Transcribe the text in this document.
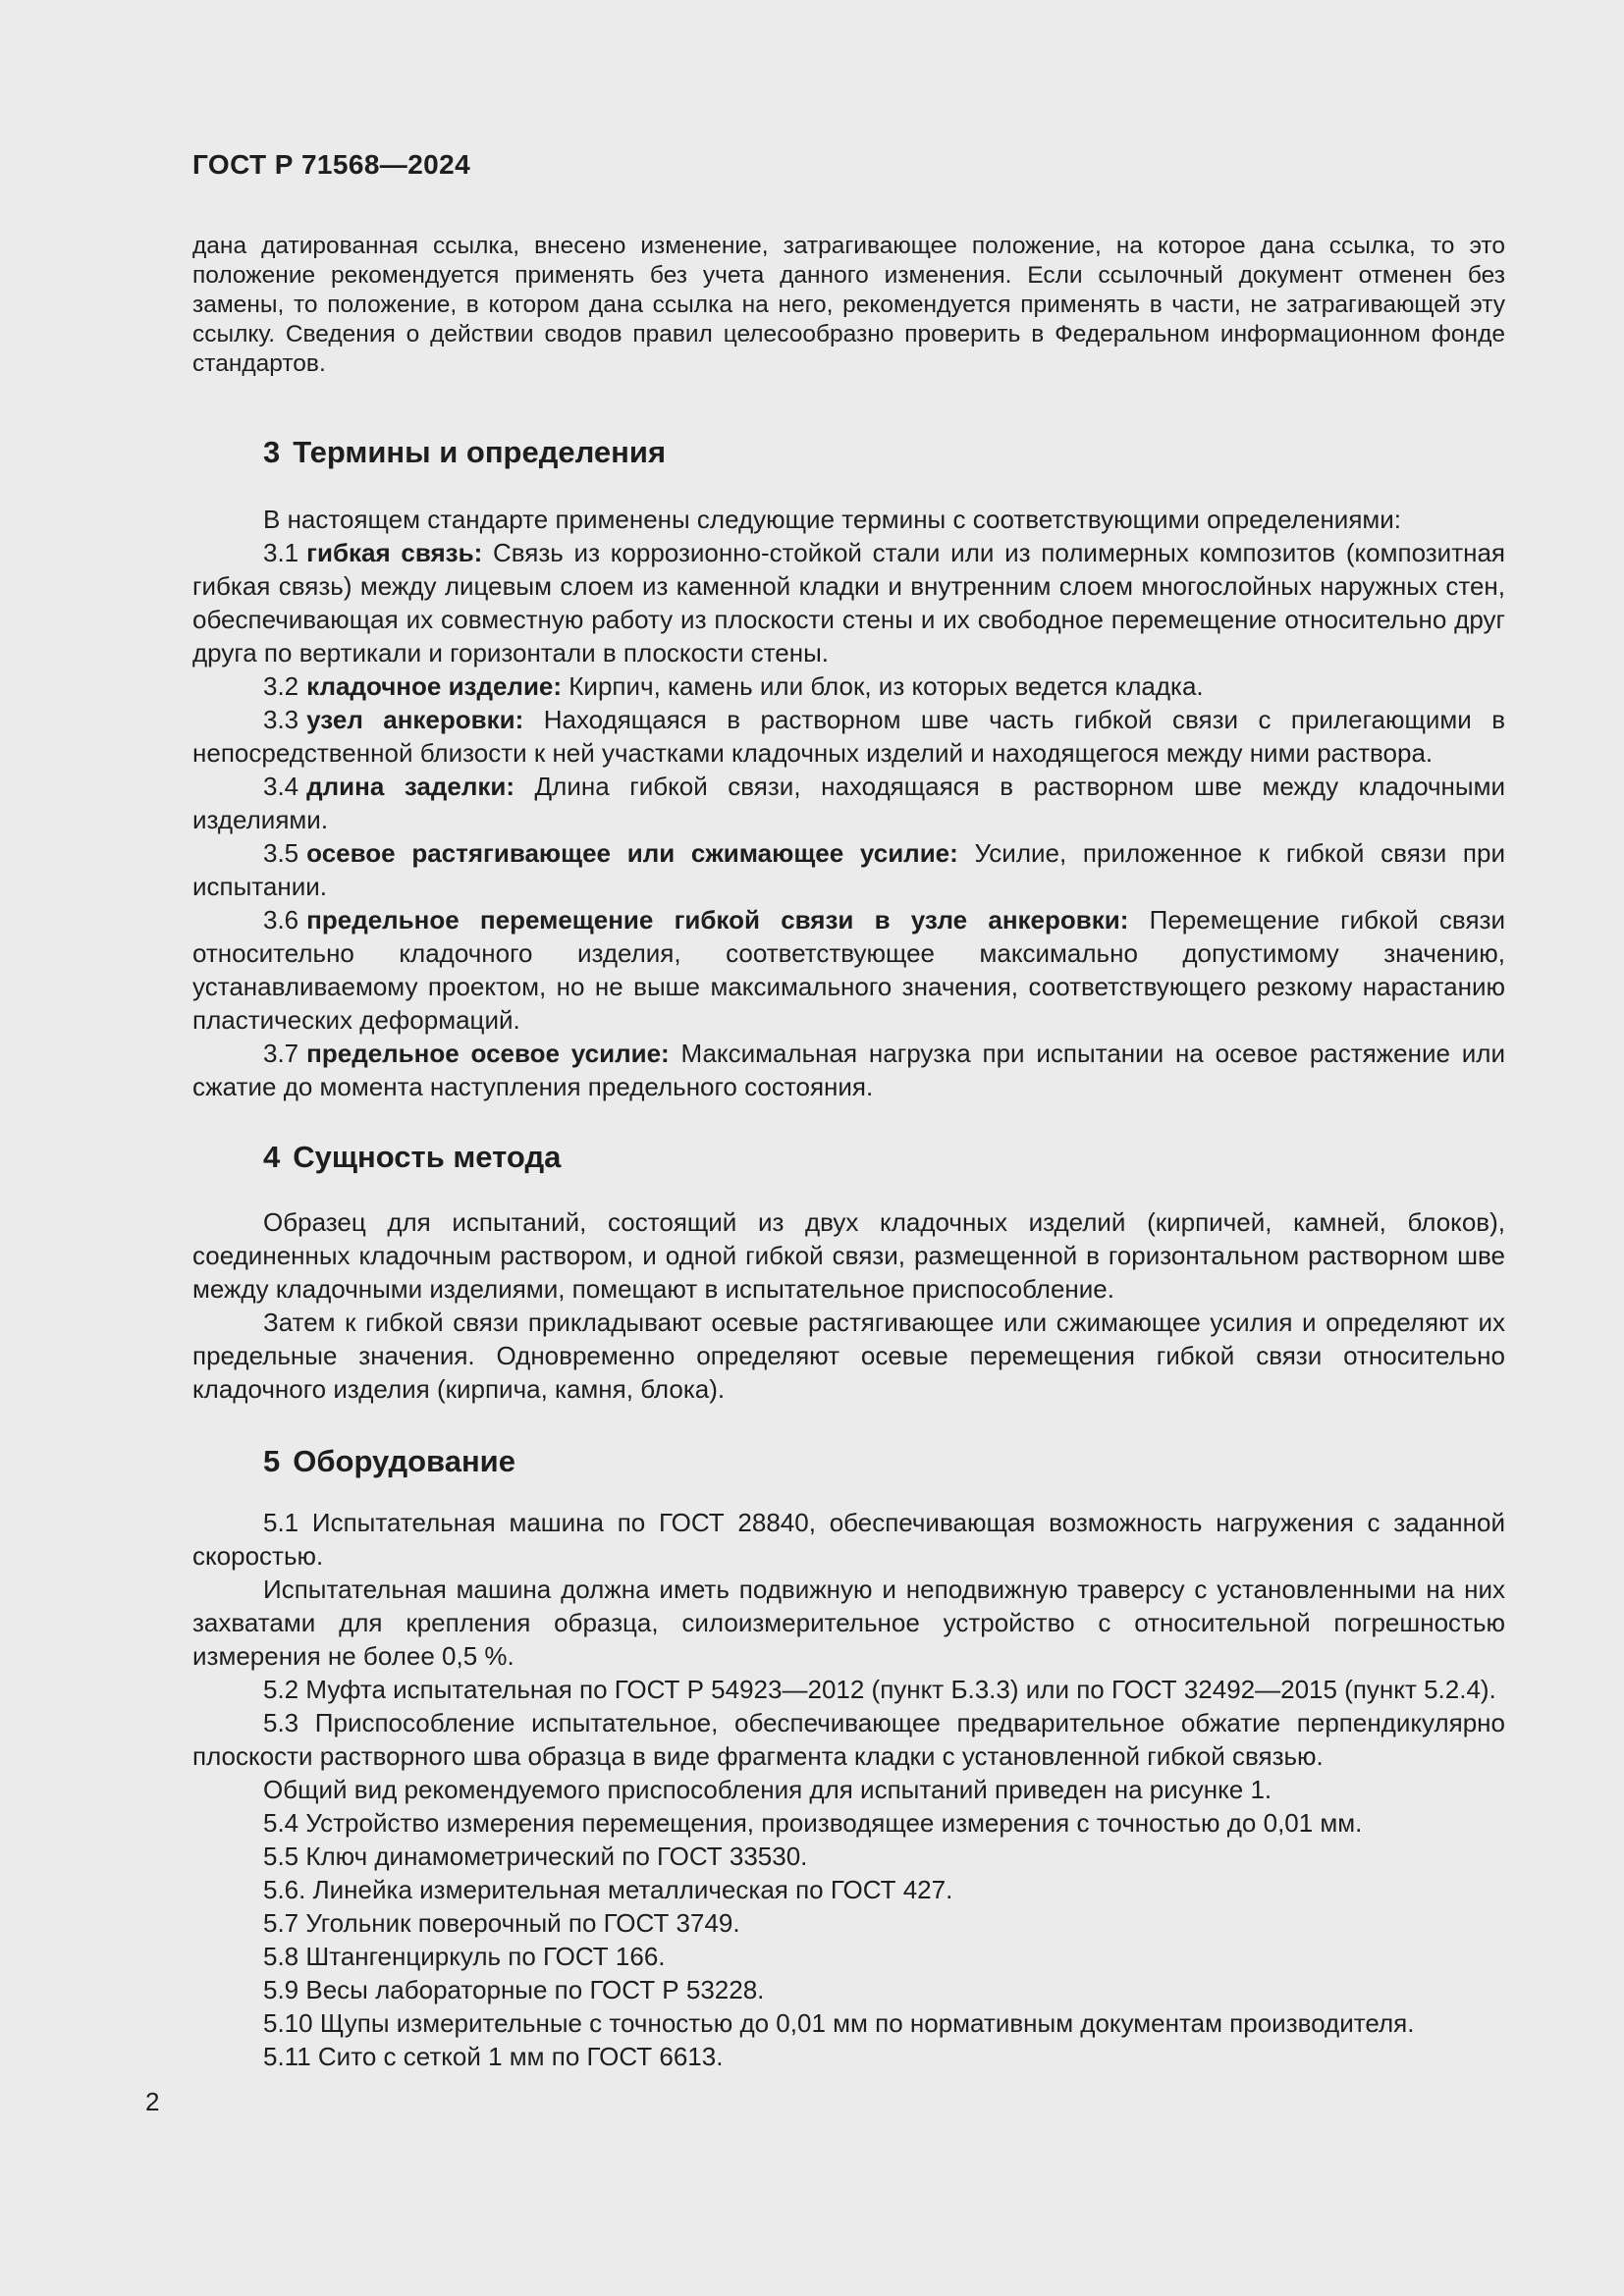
ГОСТ Р 71568—2024

дана датированная ссылка, внесено изменение, затрагивающее положение, на которое дана ссылка, то это положение рекомендуется применять без учета данного изменения. Если ссылочный документ отменен без замены, то положение, в котором дана ссылка на него, рекомендуется применять в части, не затрагивающей эту ссылку. Сведения о действии сводов правил целесообразно проверить в Федеральном информационном фонде стандартов.

3 Термины и определения

В настоящем стандарте применены следующие термины с соответствующими определениями:

3.1 гибкая связь: Связь из коррозионно-стойкой стали или из полимерных композитов (композитная гибкая связь) между лицевым слоем из каменной кладки и внутренним слоем многослойных наружных стен, обеспечивающая их совместную работу из плоскости стены и их свободное перемещение относительно друг друга по вертикали и горизонтали в плоскости стены.

3.2 кладочное изделие: Кирпич, камень или блок, из которых ведется кладка.

3.3 узел анкеровки: Находящаяся в растворном шве часть гибкой связи с прилегающими в непосредственной близости к ней участками кладочных изделий и находящегося между ними раствора.

3.4 длина заделки: Длина гибкой связи, находящаяся в растворном шве между кладочными изделиями.

3.5 осевое растягивающее или сжимающее усилие: Усилие, приложенное к гибкой связи при испытании.

3.6 предельное перемещение гибкой связи в узле анкеровки: Перемещение гибкой связи относительно кладочного изделия, соответствующее максимально допустимому значению, устанавливаемому проектом, но не выше максимального значения, соответствующего резкому нарастанию пластических деформаций.

3.7 предельное осевое усилие: Максимальная нагрузка при испытании на осевое растяжение или сжатие до момента наступления предельного состояния.

4 Сущность метода

Образец для испытаний, состоящий из двух кладочных изделий (кирпичей, камней, блоков), соединенных кладочным раствором, и одной гибкой связи, размещенной в горизонтальном растворном шве между кладочными изделиями, помещают в испытательное приспособление.

Затем к гибкой связи прикладывают осевые растягивающее или сжимающее усилия и определяют их предельные значения. Одновременно определяют осевые перемещения гибкой связи относительно кладочного изделия (кирпича, камня, блока).

5 Оборудование

5.1 Испытательная машина по ГОСТ 28840, обеспечивающая возможность нагружения с заданной скоростью.

Испытательная машина должна иметь подвижную и неподвижную траверсу с установленными на них захватами для крепления образца, силоизмерительное устройство с относительной погрешностью измерения не более 0,5 %.

5.2 Муфта испытательная по ГОСТ Р 54923—2012 (пункт Б.3.3) или по ГОСТ 32492—2015 (пункт 5.2.4).

5.3 Приспособление испытательное, обеспечивающее предварительное обжатие перпендикулярно плоскости растворного шва образца в виде фрагмента кладки с установленной гибкой связью.

Общий вид рекомендуемого приспособления для испытаний приведен на рисунке 1.

5.4 Устройство измерения перемещения, производящее измерения с точностью до 0,01 мм.

5.5 Ключ динамометрический по ГОСТ 33530.

5.6. Линейка измерительная металлическая по ГОСТ 427.

5.7 Угольник поверочный по ГОСТ 3749.

5.8 Штангенциркуль по ГОСТ 166.

5.9 Весы лабораторные по ГОСТ Р 53228.

5.10 Щупы измерительные с точностью до 0,01 мм по нормативным документам производителя.

5.11 Сито с сеткой 1 мм по ГОСТ 6613.

2
